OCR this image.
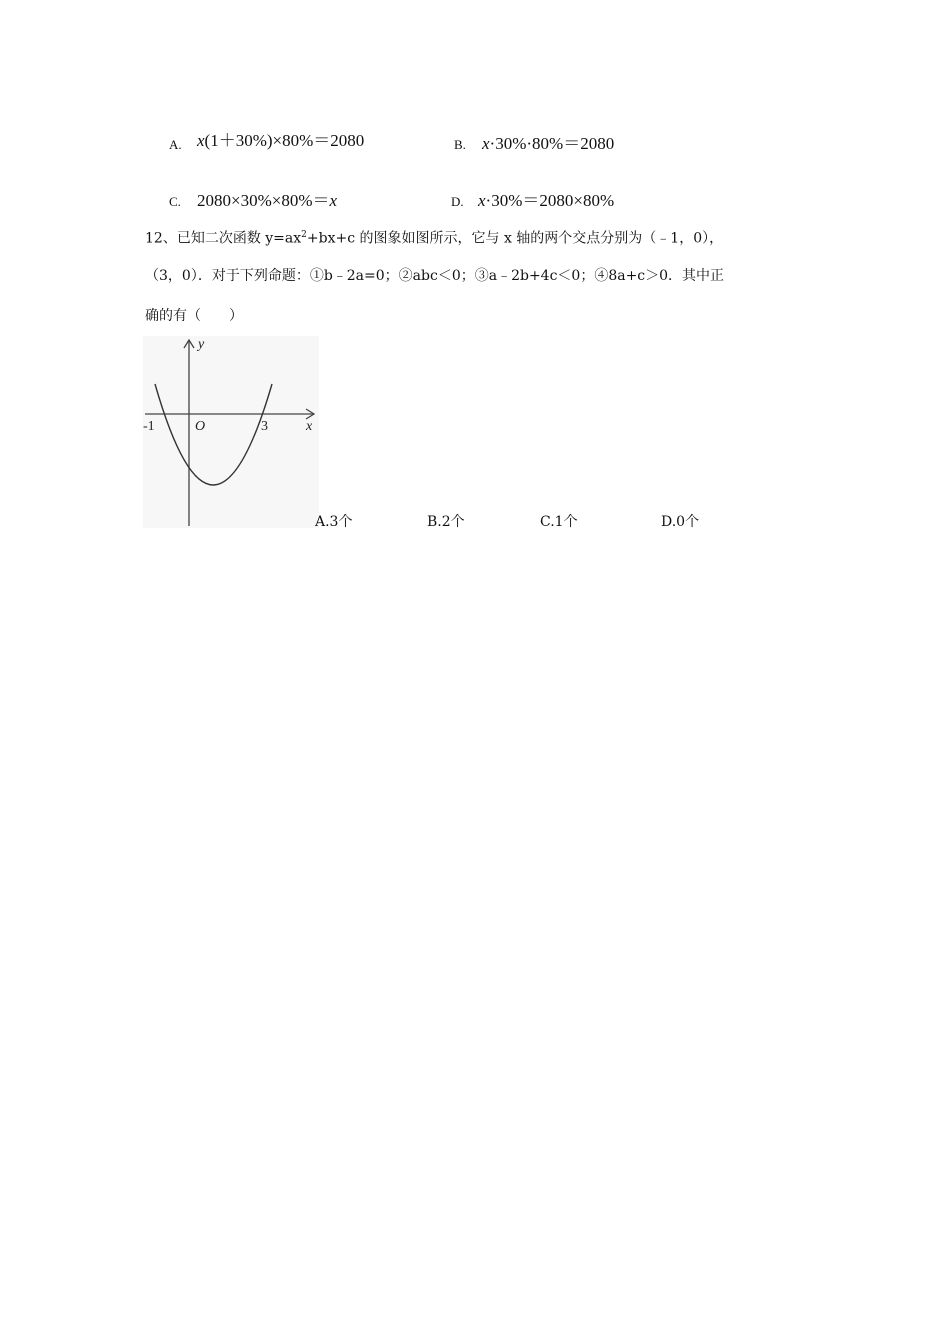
A. x(1＋30%)×80%＝2080	B. x·30%·80%＝2080
C. 2080×30%×80%＝x	D. x·30%＝2080×80%
12、已知二次函数 $y=ax^2+bx+c$ 的图象如图所示，它与 x 轴的两个交点分别为（﹣1，0），
（3，0）．对于下列命题：①b﹣2a=0；②abc＜0；③a﹣2b+4c＜0；④8a+c＞0．其中正
确的有（　　）
y
x
O
-1	3
A.3个	B.2个	C.1个	D.0个
